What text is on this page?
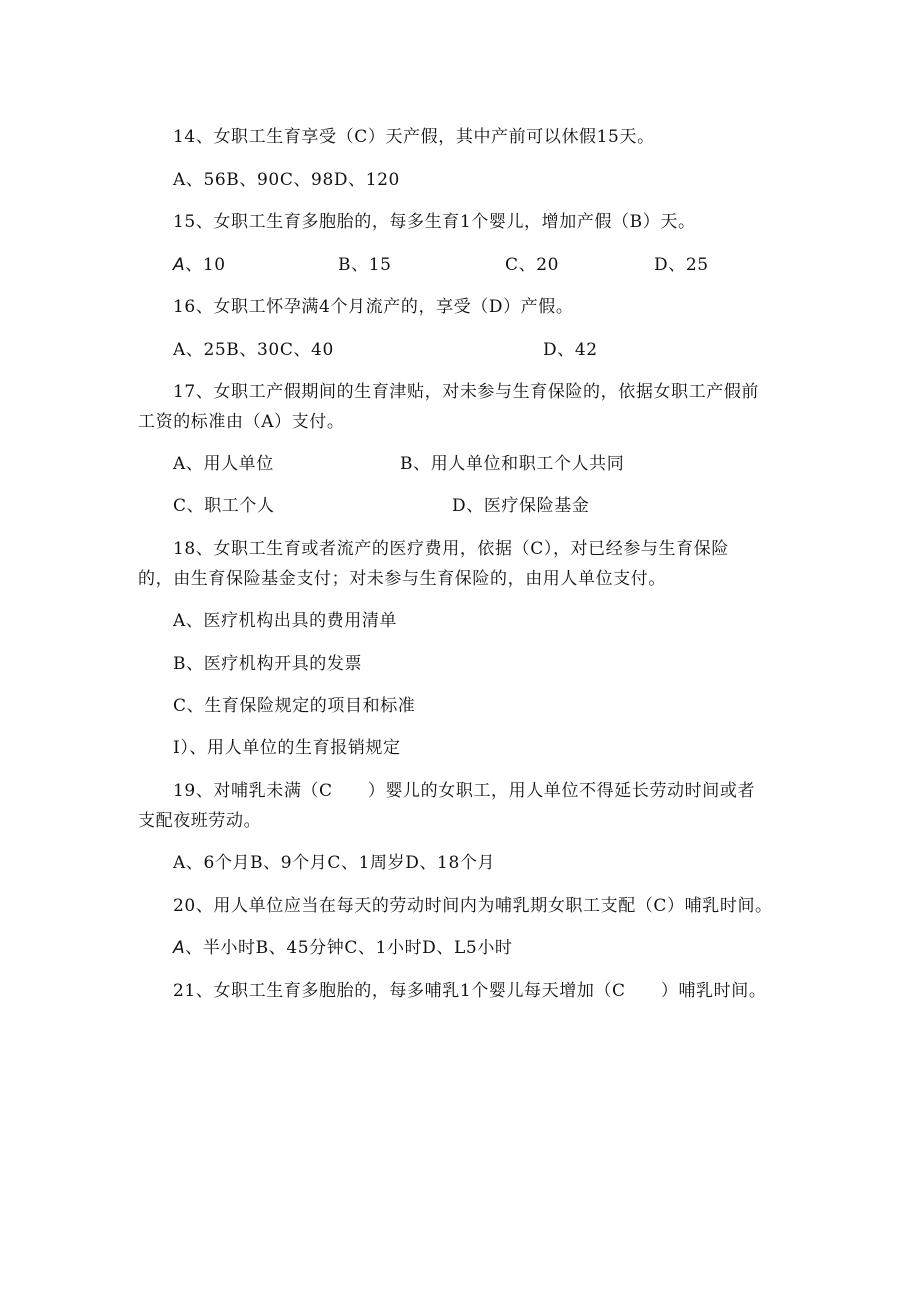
14、女职工生育享受（C）天产假，其中产前可以休假15天。
A、56B、90C、98D、120
15、女职工生育多胞胎的，每多生育1个婴儿，增加产假（B）天。
A、10	B、15	C、20	D、25
16、女职工怀孕满4个月流产的，享受（D）产假。
A、25B、30C、40	D、42
17、女职工产假期间的生育津贴，对未参与生育保险的，依据女职工产假前
工资的标准由（A）支付。
A、用人单位	B、用人单位和职工个人共同
C、职工个人	D、医疗保险基金
18、女职工生育或者流产的医疗费用，依据（C），对已经参与生育保险
的，由生育保险基金支付；对未参与生育保险的，由用人单位支付。
A、医疗机构出具的费用清单
B、医疗机构开具的发票
C、生育保险规定的项目和标准
I）、用人单位的生育报销规定
19、对哺乳未满（C　　）婴儿的女职工，用人单位不得延长劳动时间或者
支配夜班劳动。
A、6个月B、9个月C、1周岁D、18个月
20、用人单位应当在每天的劳动时间内为哺乳期女职工支配（C）哺乳时间。
A、半小时B、45分钟C、1小时D、L5小时
21、女职工生育多胞胎的，每多哺乳1个婴儿每天增加（C　　）哺乳时间。
